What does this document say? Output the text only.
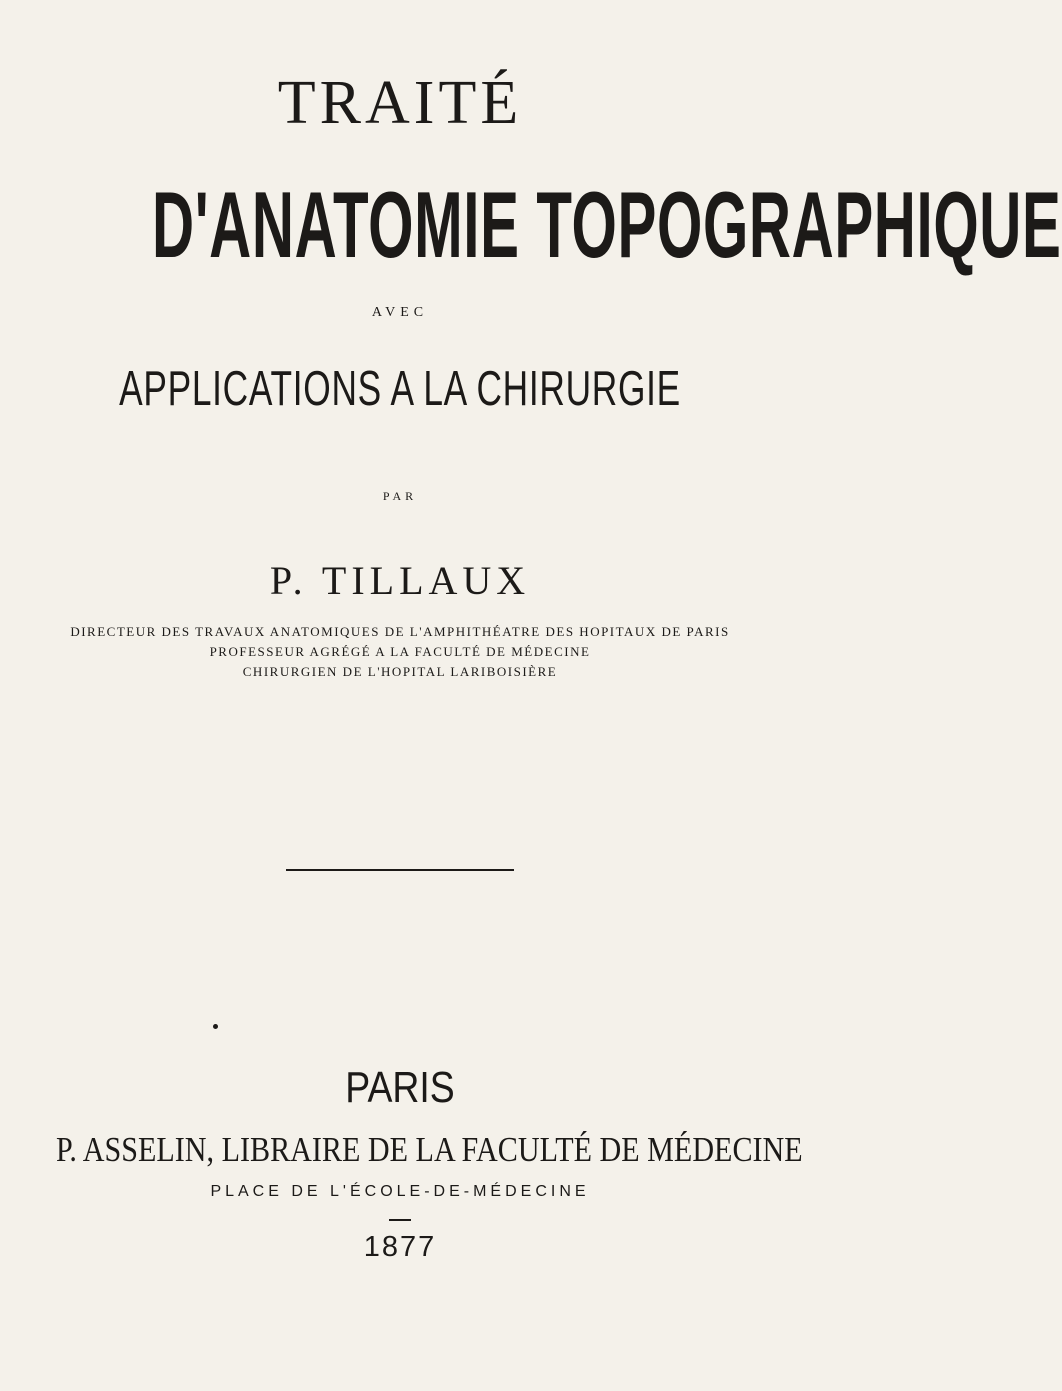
TRAITÉ
D'ANATOMIE TOPOGRAPHIQUE
AVEC
APPLICATIONS A LA CHIRURGIE
PAR
P. TILLAUX
DIRECTEUR DES TRAVAUX ANATOMIQUES DE L'AMPHITHÉATRE DES HOPITAUX DE PARIS
PROFESSEUR AGRÉGÉ A LA FACULTÉ DE MÉDECINE
CHIRURGIEN DE L'HOPITAL LARIBOISIÈRE
PARIS
P. ASSELIN, LIBRAIRE DE LA FACULTÉ DE MÉDECINE
PLACE DE L'ÉCOLE-DE-MÉDECINE
1877
